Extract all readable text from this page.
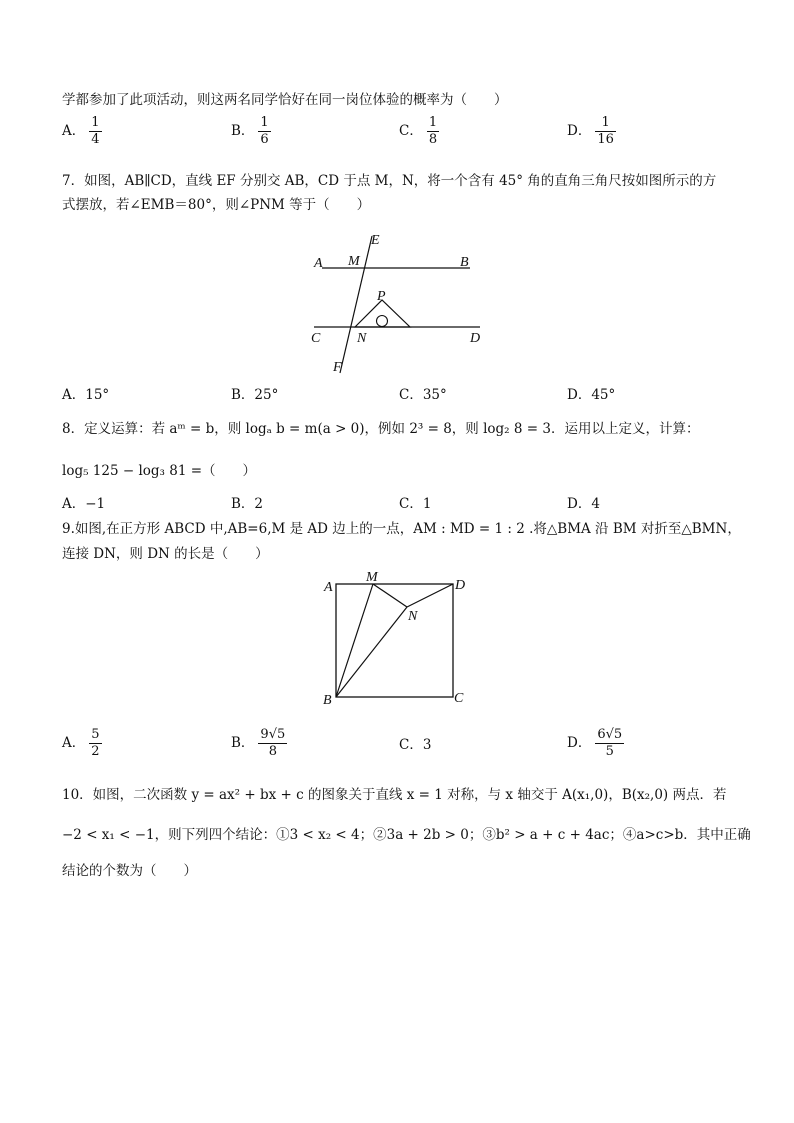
学都参加了此项活动，则这两名同学恰好在同一岗位体验的概率为（　　）
A． $\frac{1}{4}$	B． $\frac{1}{6}$	C． $\frac{1}{8}$	D． $\frac{1}{16}$
7．如图，AB∥CD，直线 EF 分别交 AB，CD 于点 M，N，将一个含有 45° 角的直角三角尺按如图所示的方
式摆放，若∠EMB＝80°，则∠PNM 等于（　　）
A M
E
B
P
C	N	D
F
A．15°	B．25°	C．35°	D．45°
8．定义运算：若 aᵐ = b，则 logₐ b = m(a > 0)，例如 2³ = 8，则 log₂ 8 = 3．运用以上定义，计算：
log₅ 125 − log₃ 81 =（　　）
A．−1	B．2	C．1	D．4
9.如图,在正方形 ABCD 中,AB=6,M 是 AD 边上的一点，AM : MD = 1 : 2 .将△BMA 沿 BM 对折至△BMN，
连接 DN，则 DN 的长是（　　）
A
M
D
N
B	C
A． $\frac{5}{2}$	B． $\frac{9√5}{8}$	C．3	D． $\frac{6√5}{5}$
10．如图，二次函数 y = ax² + bx + c 的图象关于直线 x = 1 对称，与 x 轴交于 A(x₁,0)，B(x₂,0) 两点．若
−2 < x₁ < −1，则下列四个结论：①3 < x₂ < 4；②3a + 2b > 0；③b² > a + c + 4ac；④a>c>b．其中正确
结论的个数为（　　）
